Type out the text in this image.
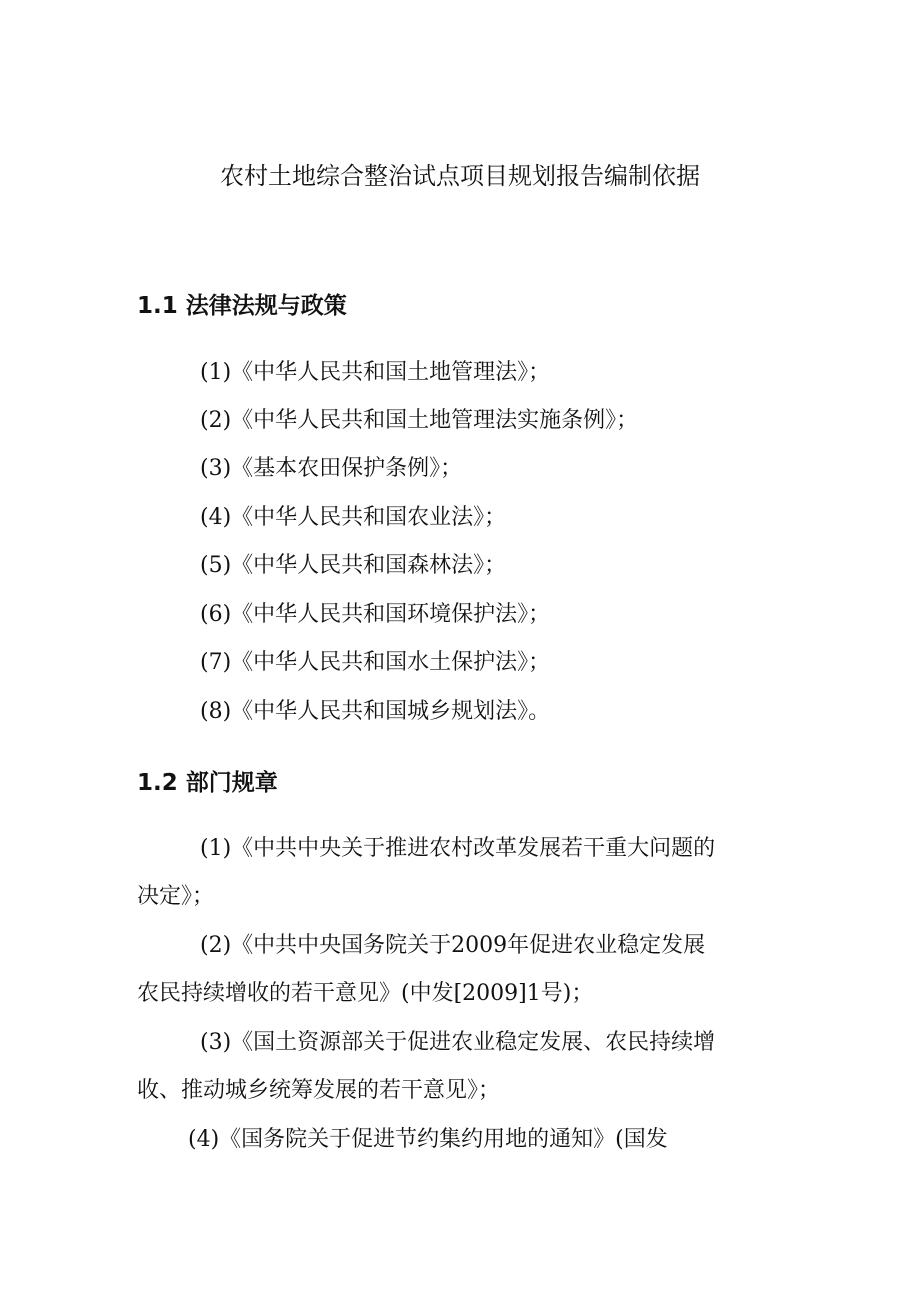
农村土地综合整治试点项目规划报告编制依据
1.1 法律法规与政策
(1)《中华人民共和国土地管理法》；
(2)《中华人民共和国土地管理法实施条例》；
(3)《基本农田保护条例》；
(4)《中华人民共和国农业法》；
(5)《中华人民共和国森林法》；
(6)《中华人民共和国环境保护法》；
(7)《中华人民共和国水土保护法》；
(8)《中华人民共和国城乡规划法》。
1.2 部门规章
(1)《中共中央关于推进农村改革发展若干重大问题的
决定》；
(2)《中共中央国务院关于2009年促进农业稳定发展
农民持续增收的若干意见》(中发[2009]1号)；
(3)《国土资源部关于促进农业稳定发展、农民持续增
收、推动城乡统筹发展的若干意见》；
(4)《国务院关于促进节约集约用地的通知》(国发
